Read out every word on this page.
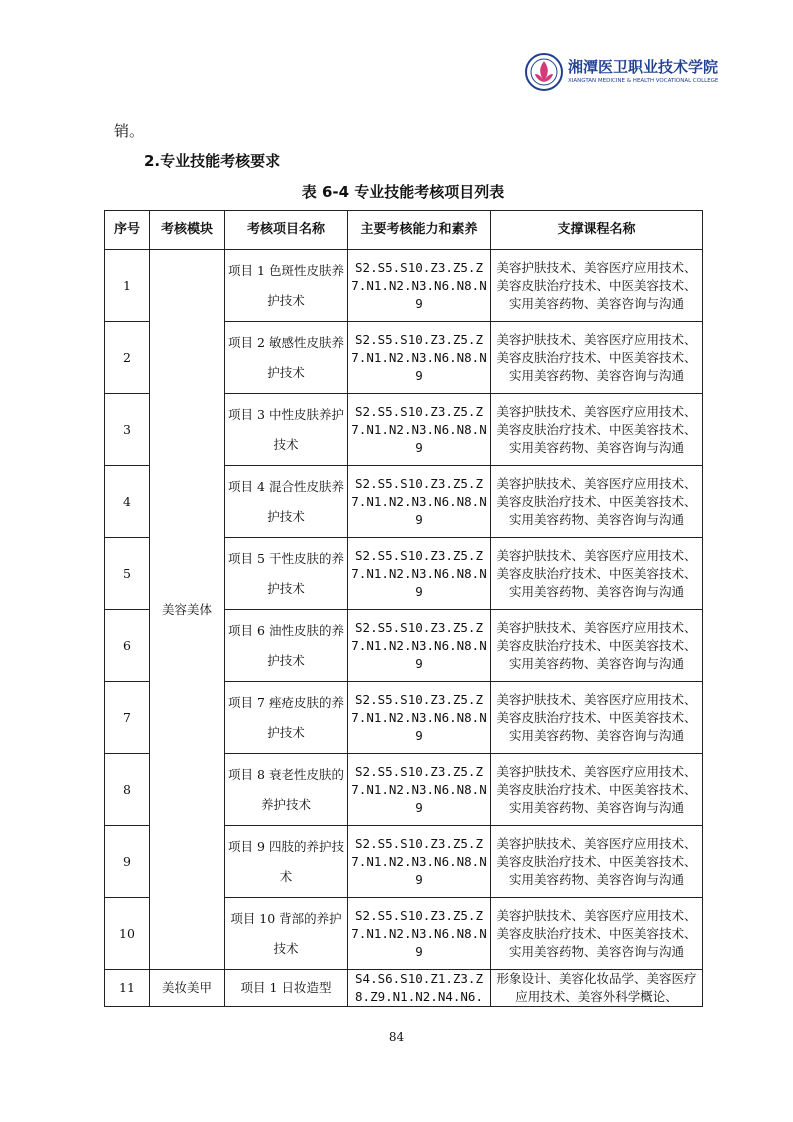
湘潭医卫职业技术学院
XIANGTAN MEDICINE & HEALTH VOCATIONAL COLLEGE
销。
2.专业技能考核要求
表 6-4 专业技能考核项目列表
序号	考核模块	考核项目名称	主要考核能力和素养	支撑课程名称
1	美容美体	项目 1 色斑性皮肤养护技术	S2.S5.S10.Z3.Z5.Z7.N1.N2.N3.N6.N8.N9	美容护肤技术、美容医疗应用技术、美容皮肤治疗技术、中医美容技术、实用美容药物、美容咨询与沟通
2		项目 2 敏感性皮肤养护技术	S2.S5.S10.Z3.Z5.Z7.N1.N2.N3.N6.N8.N9	美容护肤技术、美容医疗应用技术、美容皮肤治疗技术、中医美容技术、实用美容药物、美容咨询与沟通
3		项目 3 中性皮肤养护技术	S2.S5.S10.Z3.Z5.Z7.N1.N2.N3.N6.N8.N9	美容护肤技术、美容医疗应用技术、美容皮肤治疗技术、中医美容技术、实用美容药物、美容咨询与沟通
4		项目 4 混合性皮肤养护技术	S2.S5.S10.Z3.Z5.Z7.N1.N2.N3.N6.N8.N9	美容护肤技术、美容医疗应用技术、美容皮肤治疗技术、中医美容技术、实用美容药物、美容咨询与沟通
5		项目 5 干性皮肤的养护技术	S2.S5.S10.Z3.Z5.Z7.N1.N2.N3.N6.N8.N9	美容护肤技术、美容医疗应用技术、美容皮肤治疗技术、中医美容技术、实用美容药物、美容咨询与沟通
6		项目 6 油性皮肤的养护技术	S2.S5.S10.Z3.Z5.Z7.N1.N2.N3.N6.N8.N9	美容护肤技术、美容医疗应用技术、美容皮肤治疗技术、中医美容技术、实用美容药物、美容咨询与沟通
7		项目 7 痤疮皮肤的养护技术	S2.S5.S10.Z3.Z5.Z7.N1.N2.N3.N6.N8.N9	美容护肤技术、美容医疗应用技术、美容皮肤治疗技术、中医美容技术、实用美容药物、美容咨询与沟通
8		项目 8 衰老性皮肤的养护技术	S2.S5.S10.Z3.Z5.Z7.N1.N2.N3.N6.N8.N9	美容护肤技术、美容医疗应用技术、美容皮肤治疗技术、中医美容技术、实用美容药物、美容咨询与沟通
9		项目 9 四肢的养护技术	S2.S5.S10.Z3.Z5.Z7.N1.N2.N3.N6.N8.N9	美容护肤技术、美容医疗应用技术、美容皮肤治疗技术、中医美容技术、实用美容药物、美容咨询与沟通
10		项目 10 背部的养护技术	S2.S5.S10.Z3.Z5.Z7.N1.N2.N3.N6.N8.N9	美容护肤技术、美容医疗应用技术、美容皮肤治疗技术、中医美容技术、实用美容药物、美容咨询与沟通
11	美妆美甲	项目 1 日妆造型	S4.S6.S10.Z1.Z3.Z8.Z9.N1.N2.N4.N6.	形象设计、美容化妆品学、美容医疗应用技术、美容外科学概论、
84
